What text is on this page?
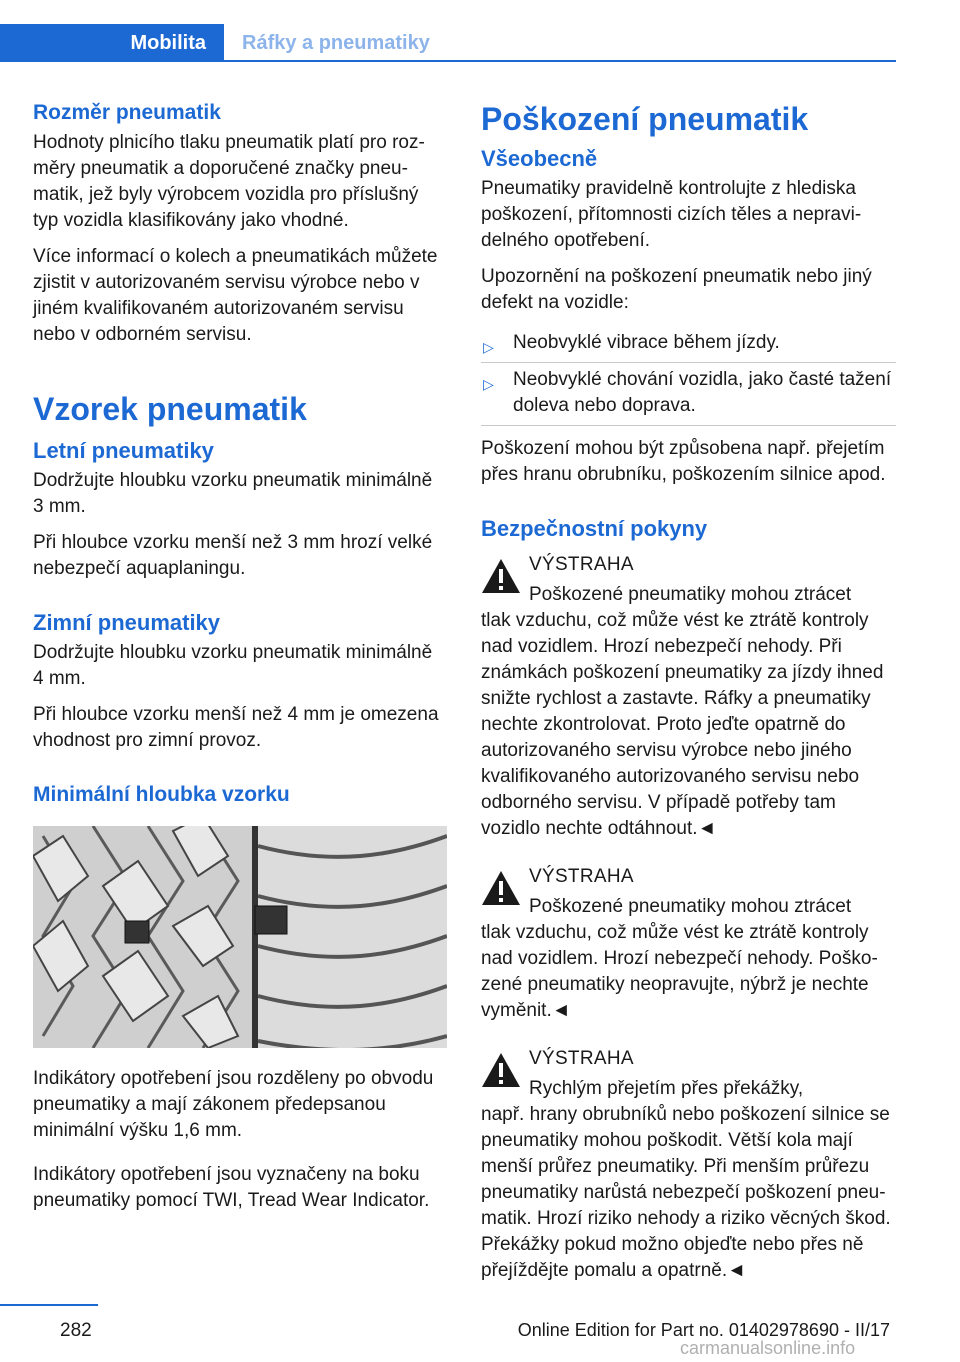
Mobilita	Ráfky a pneumatiky
Rozměr pneumatik

Hodnoty plnicího tlaku pneumatik platí pro rozměry pneumatik a doporučené značky pneumatik, jež byly výrobcem vozidla pro příslušný typ vozidla klasifikovány jako vhodné.

Více informací o kolech a pneumatikách můžete zjistit v autorizovaném servisu výrobce nebo v jiném kvalifikovaném autorizovaném servisu nebo v odborném servisu.

Vzorek pneumatik
Letní pneumatiky

Dodržujte hloubku vzorku pneumatik minimálně 3 mm.

Při hloubce vzorku menší než 3 mm hrozí velké nebezpečí aquaplaningu.

Zimní pneumatiky

Dodržujte hloubku vzorku pneumatik minimálně 4 mm.

Při hloubce vzorku menší než 4 mm je omezena vhodnost pro zimní provoz.

Minimální hloubka vzorku

Indikátory opotřebení jsou rozděleny po obvodu pneumatiky a mají zákonem předepsanou minimální výšku 1,6 mm.

Indikátory opotřebení jsou vyznačeny na boku pneumatiky pomocí TWI, Tread Wear Indicator.

Poškození pneumatik
Všeobecně

Pneumatiky pravidelně kontrolujte z hlediska poškození, přítomnosti cizích těles a nepravidelného opotřebení.

Upozornění na poškození pneumatik nebo jiný defekt na vozidle:

▷ Neobvyklé vibrace během jízdy.
▷ Neobvyklé chování vozidla, jako časté tažení doleva nebo doprava.

Poškození mohou být způsobena např. přejetím přes hranu obrubníku, poškozením silnice apod.

Bezpečnostní pokyny
VÝSTRAHA

Poškozené pneumatiky mohou ztrácet
tlak vzduchu, což může vést ke ztrátě kontroly nad vozidlem. Hrozí nebezpečí nehody. Při známkách poškození pneumatiky za jízdy ihned snižte rychlost a zastavte. Ráfky a pneumatiky nechte zkontrolovat. Proto jeďte opatrně do autorizovaného servisu výrobce nebo jiného kvalifikovaného autorizovaného servisu nebo odborného servisu. V případě potřeby tam vozidlo nechte odtáhnout.◄

VÝSTRAHA

Poškozené pneumatiky mohou ztrácet
tlak vzduchu, což může vést ke ztrátě kontroly nad vozidlem. Hrozí nebezpečí nehody. Poškozené pneumatiky neopravujte, nýbrž je nechte vyměnit.◄

VÝSTRAHA

Rychlým přejetím přes překážky,
např. hrany obrubníků nebo poškození silnice se pneumatiky mohou poškodit. Větší kola mají menší průřez pneumatiky. Při menším průřezu pneumatiky narůstá nebezpečí poškození pneumatik. Hrozí riziko nehody a riziko věcných škod. Překážky pokud možno objeďte nebo přes ně přejíždějte pomalu a opatrně.◄

282	Online Edition for Part no. 01402978690 - II/17
carmanualsonline.info
